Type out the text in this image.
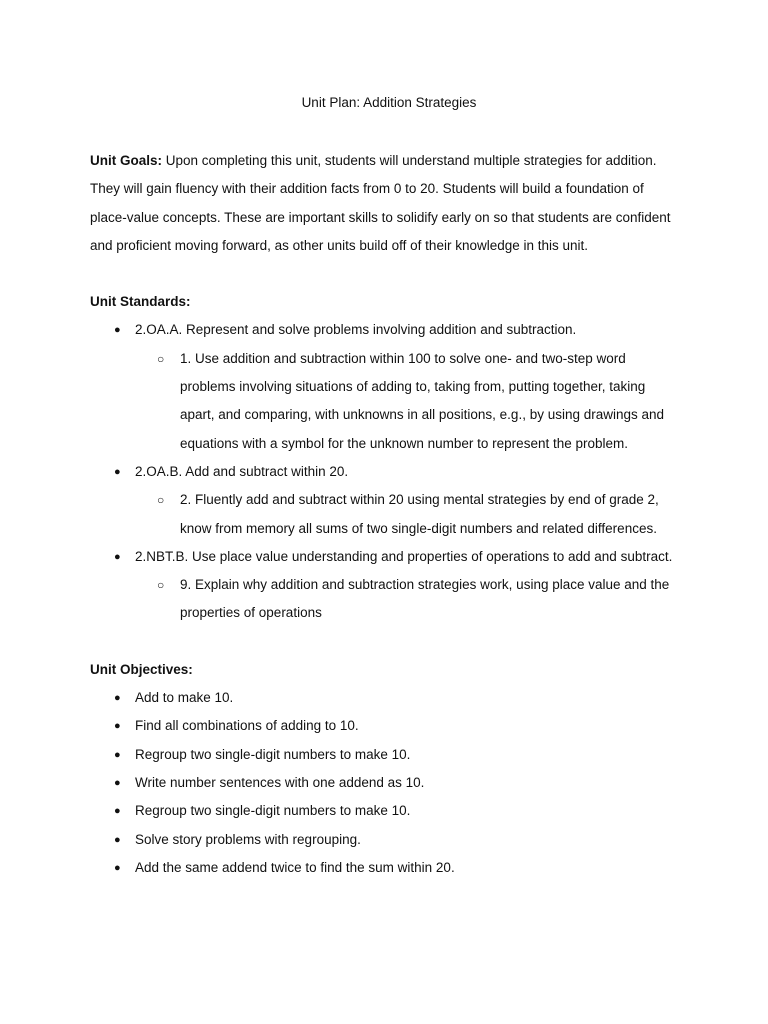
Unit Plan: Addition Strategies

Unit Goals: Upon completing this unit, students will understand multiple strategies for addition. They will gain fluency with their addition facts from 0 to 20. Students will build a foundation of place-value concepts. These are important skills to solidify early on so that students are confident and proficient moving forward, as other units build off of their knowledge in this unit.

Unit Standards:
● 2.OA.A. Represent and solve problems involving addition and subtraction.
○ 1. Use addition and subtraction within 100 to solve one- and two-step word problems involving situations of adding to, taking from, putting together, taking apart, and comparing, with unknowns in all positions, e.g., by using drawings and equations with a symbol for the unknown number to represent the problem.
● 2.OA.B. Add and subtract within 20.
○ 2. Fluently add and subtract within 20 using mental strategies by end of grade 2, know from memory all sums of two single-digit numbers and related differences.
● 2.NBT.B. Use place value understanding and properties of operations to add and subtract.
○ 9. Explain why addition and subtraction strategies work, using place value and the properties of operations
Unit Objectives:
● Add to make 10.
● Find all combinations of adding to 10.
● Regroup two single-digit numbers to make 10.
● Write number sentences with one addend as 10.
● Regroup two single-digit numbers to make 10.
● Solve story problems with regrouping.
● Add the same addend twice to find the sum within 20.
